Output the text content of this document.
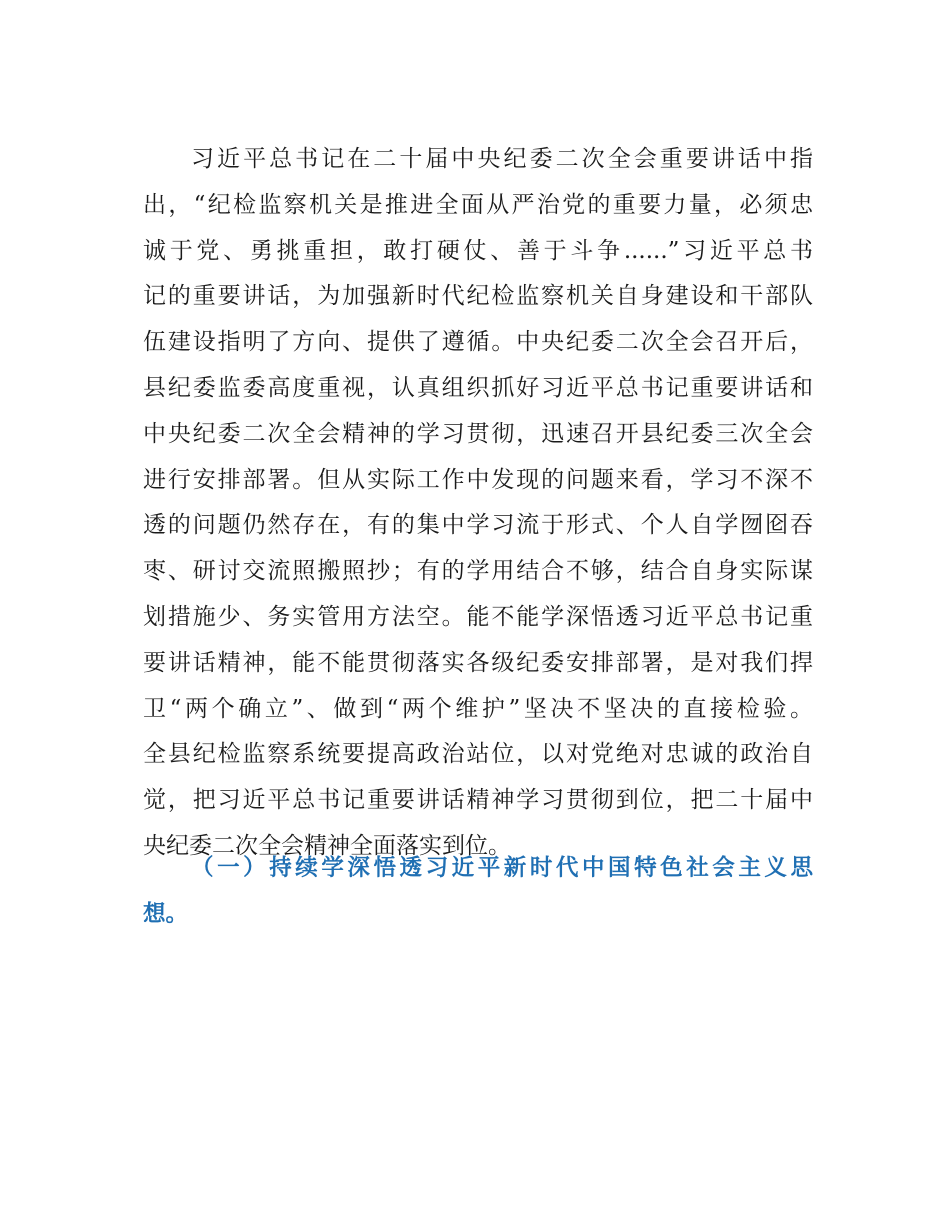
习近平总书记在二十届中央纪委二次全会重要讲话中指
出，“纪检监察机关是推进全面从严治党的重要力量，必须忠
诚于党、勇挑重担，敢打硬仗、善于斗争......”习近平总书
记的重要讲话，为加强新时代纪检监察机关自身建设和干部队
伍建设指明了方向、提供了遵循。中央纪委二次全会召开后，
县纪委监委高度重视，认真组织抓好习近平总书记重要讲话和
中央纪委二次全会精神的学习贯彻，迅速召开县纪委三次全会
进行安排部署。但从实际工作中发现的问题来看，学习不深不
透的问题仍然存在，有的集中学习流于形式、个人自学囫囵吞
枣、研讨交流照搬照抄；有的学用结合不够，结合自身实际谋
划措施少、务实管用方法空。能不能学深悟透习近平总书记重
要讲话精神，能不能贯彻落实各级纪委安排部署，是对我们捍
卫“两个确立”、做到“两个维护”坚决不坚决的直接检验。
全县纪检监察系统要提高政治站位，以对党绝对忠诚的政治自
觉，把习近平总书记重要讲话精神学习贯彻到位，把二十届中
央纪委二次全会精神全面落实到位。
（一）持续学深悟透习近平新时代中国特色社会主义思
想。
